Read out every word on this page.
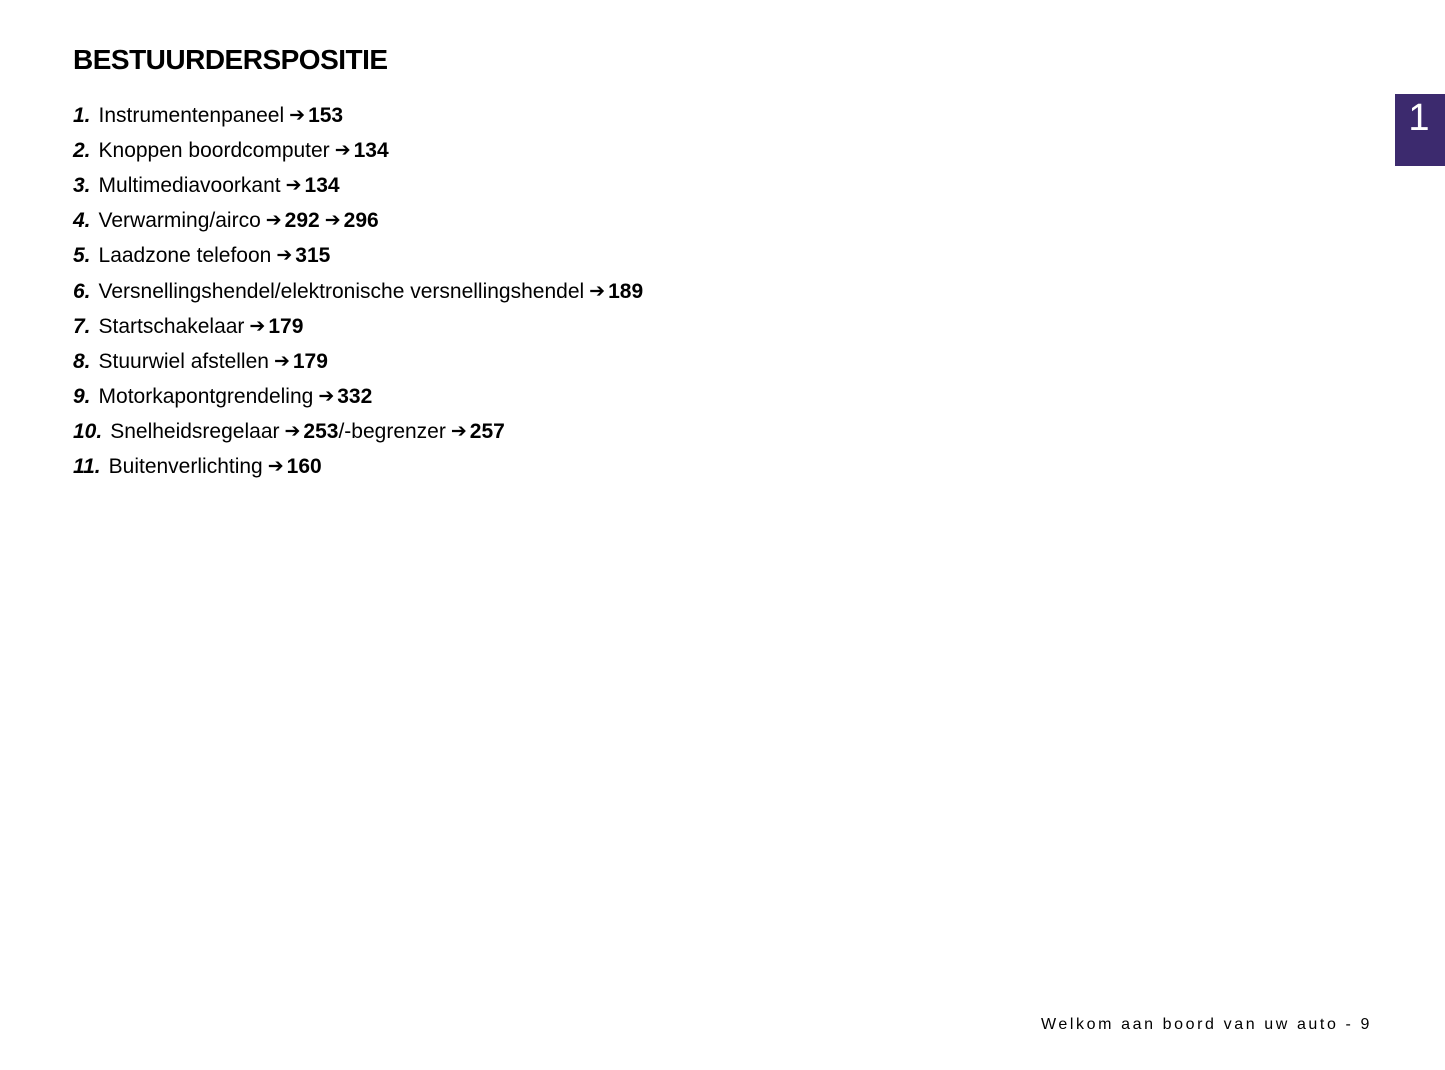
BESTUURDERSPOSITIE
1. Instrumentenpaneel ➔ 153
2. Knoppen boordcomputer ➔ 134
3. Multimediavoorkant ➔ 134
4. Verwarming/airco ➔ 292 ➔ 296
5. Laadzone telefoon ➔ 315
6. Versnellingshendel/elektronische versnellingshendel ➔ 189
7. Startschakelaar ➔ 179
8. Stuurwiel afstellen ➔ 179
9. Motorkapontgrendeling ➔ 332
10. Snelheidsregelaar ➔ 253 /-begrenzer ➔ 257
11. Buitenverlichting ➔ 160
1
Welkom aan boord van uw auto - 9
